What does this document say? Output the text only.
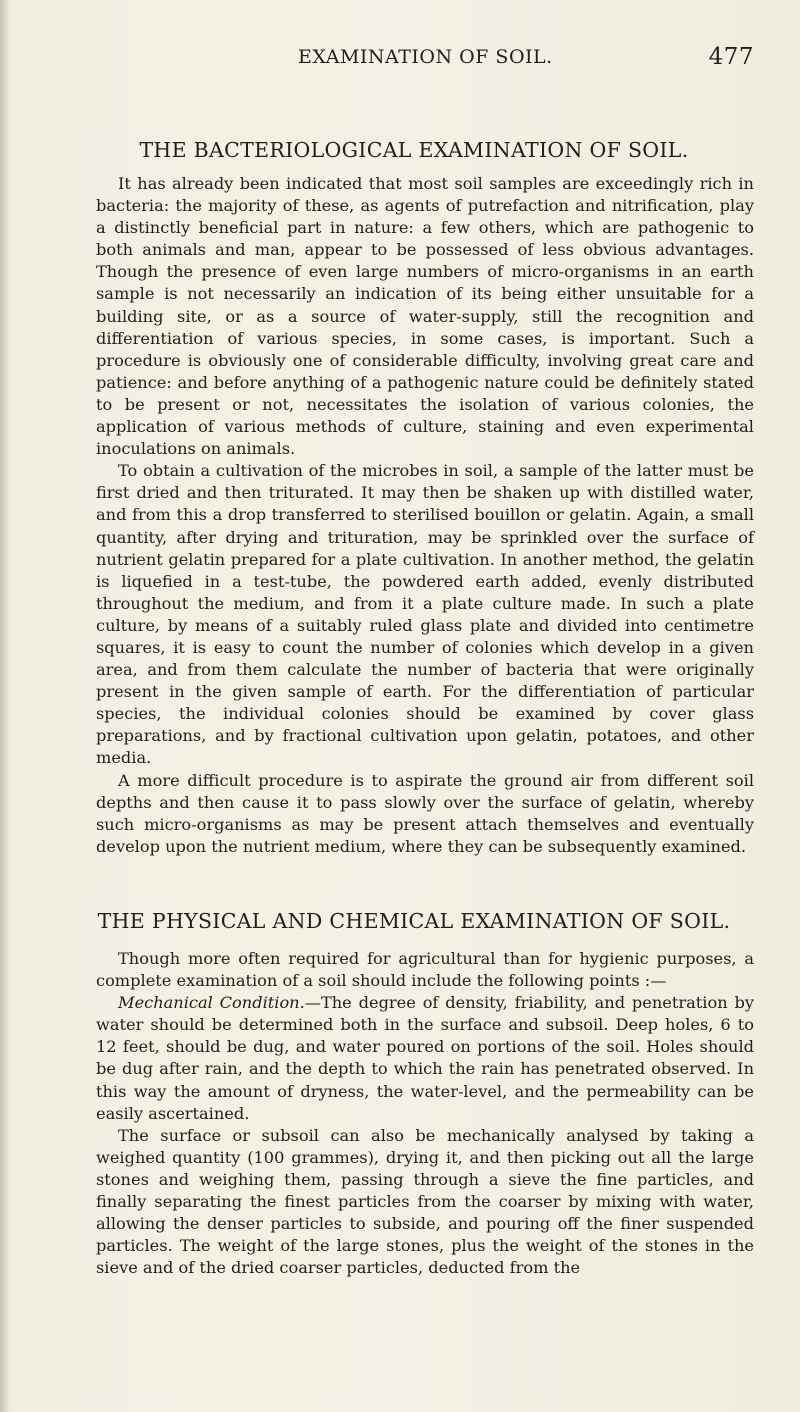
EXAMINATION OF SOIL.	477
THE BACTERIOLOGICAL EXAMINATION OF SOIL.

It has already been indicated that most soil samples are exceedingly rich in bacteria: the majority of these, as agents of putrefaction and nitrification, play a distinctly beneficial part in nature: a few others, which are pathogenic to both animals and man, appear to be possessed of less obvious advantages. Though the presence of even large numbers of micro-organisms in an earth sample is not necessarily an indication of its being either unsuitable for a building site, or as a source of water-supply, still the recognition and differentiation of various species, in some cases, is important. Such a procedure is obviously one of considerable difficulty, involving great care and patience: and before anything of a pathogenic nature could be definitely stated to be present or not, necessitates the isolation of various colonies, the application of various methods of culture, staining and even experimental inoculations on animals.

To obtain a cultivation of the microbes in soil, a sample of the latter must be first dried and then triturated. It may then be shaken up with distilled water, and from this a drop transferred to sterilised bouillon or gelatin. Again, a small quantity, after drying and trituration, may be sprinkled over the surface of nutrient gelatin prepared for a plate cultivation. In another method, the gelatin is liquefied in a test-tube, the powdered earth added, evenly distributed throughout the medium, and from it a plate culture made. In such a plate culture, by means of a suitably ruled glass plate and divided into centimetre squares, it is easy to count the number of colonies which develop in a given area, and from them calculate the number of bacteria that were originally present in the given sample of earth. For the differentiation of particular species, the individual colonies should be examined by cover glass preparations, and by fractional cultivation upon gelatin, potatoes, and other media.

A more difficult procedure is to aspirate the ground air from different soil depths and then cause it to pass slowly over the surface of gelatin, whereby such micro-organisms as may be present attach themselves and eventually develop upon the nutrient medium, where they can be subsequently examined.

THE PHYSICAL AND CHEMICAL EXAMINATION OF SOIL.

Though more often required for agricultural than for hygienic purposes, a complete examination of a soil should include the following points :—

Mechanical Condition.—The degree of density, friability, and penetration by water should be determined both in the surface and subsoil. Deep holes, 6 to 12 feet, should be dug, and water poured on portions of the soil. Holes should be dug after rain, and the depth to which the rain has penetrated observed. In this way the amount of dryness, the water-level, and the permeability can be easily ascertained.

The surface or subsoil can also be mechanically analysed by taking a weighed quantity (100 grammes), drying it, and then picking out all the large stones and weighing them, passing through a sieve the fine particles, and finally separating the finest particles from the coarser by mixing with water, allowing the denser particles to subside, and pouring off the finer suspended particles. The weight of the large stones, plus the weight of the stones in the sieve and of the dried coarser particles, deducted from the
